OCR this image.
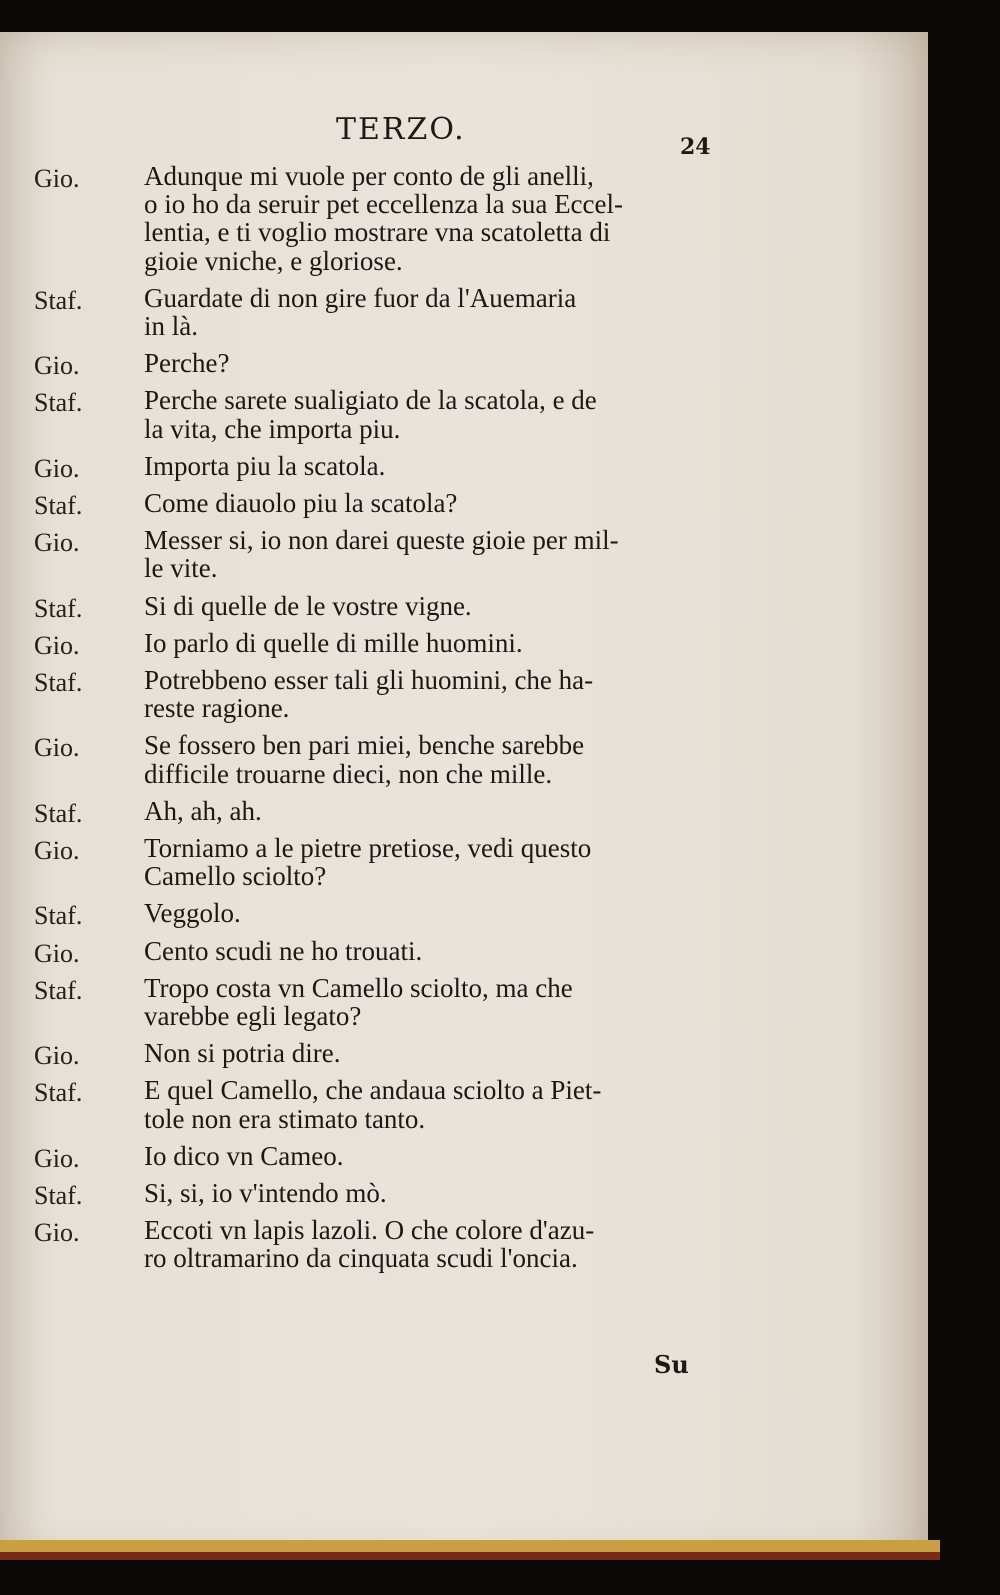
TERZO.	24
Gio.	Adunque mi vuole per conto de gli anelli,
o io ho da seruir pet eccellenza la sua Eccel-
lentia, e ti voglio mostrare vna scatoletta di
gioie vniche, e gloriose.
Staf.	Guardate di non gire fuor da l'Auemaria
in là.
Gio.	Perche?
Staf.	Perche sarete sualigiato de la scatola, e de
la vita, che importa piu.
Gio.	Importa piu la scatola.
Staf.	Come diauolo piu la scatola?
Gio.	Messer si, io non darei queste gioie per mil-
le vite.
Staf.	Si di quelle de le vostre vigne.
Gio.	Io parlo di quelle di mille huomini.
Staf.	Potrebbeno esser tali gli huomini, che ha-
reste ragione.
Gio.	Se fossero ben pari miei, benche sarebbe
difficile trouarne dieci, non che mille.
Staf.	Ah, ah, ah.
Gio.	Torniamo a le pietre pretiose, vedi questo
Camello sciolto?
Staf.	Veggolo.
Gio.	Cento scudi ne ho trouati.
Staf.	Tropo costa vn Camello sciolto, ma che
varebbe egli legato?
Gio.	Non si potria dire.
Staf.	E quel Camello, che andaua sciolto a Piet-
tole non era stimato tanto.
Gio.	Io dico vn Cameo.
Staf.	Si, si, io v'intendo mò.
Gio.	Eccoti vn lapis lazoli. O che colore d'azu-
ro oltramarino da cinquata scudi l'oncia.
Su
